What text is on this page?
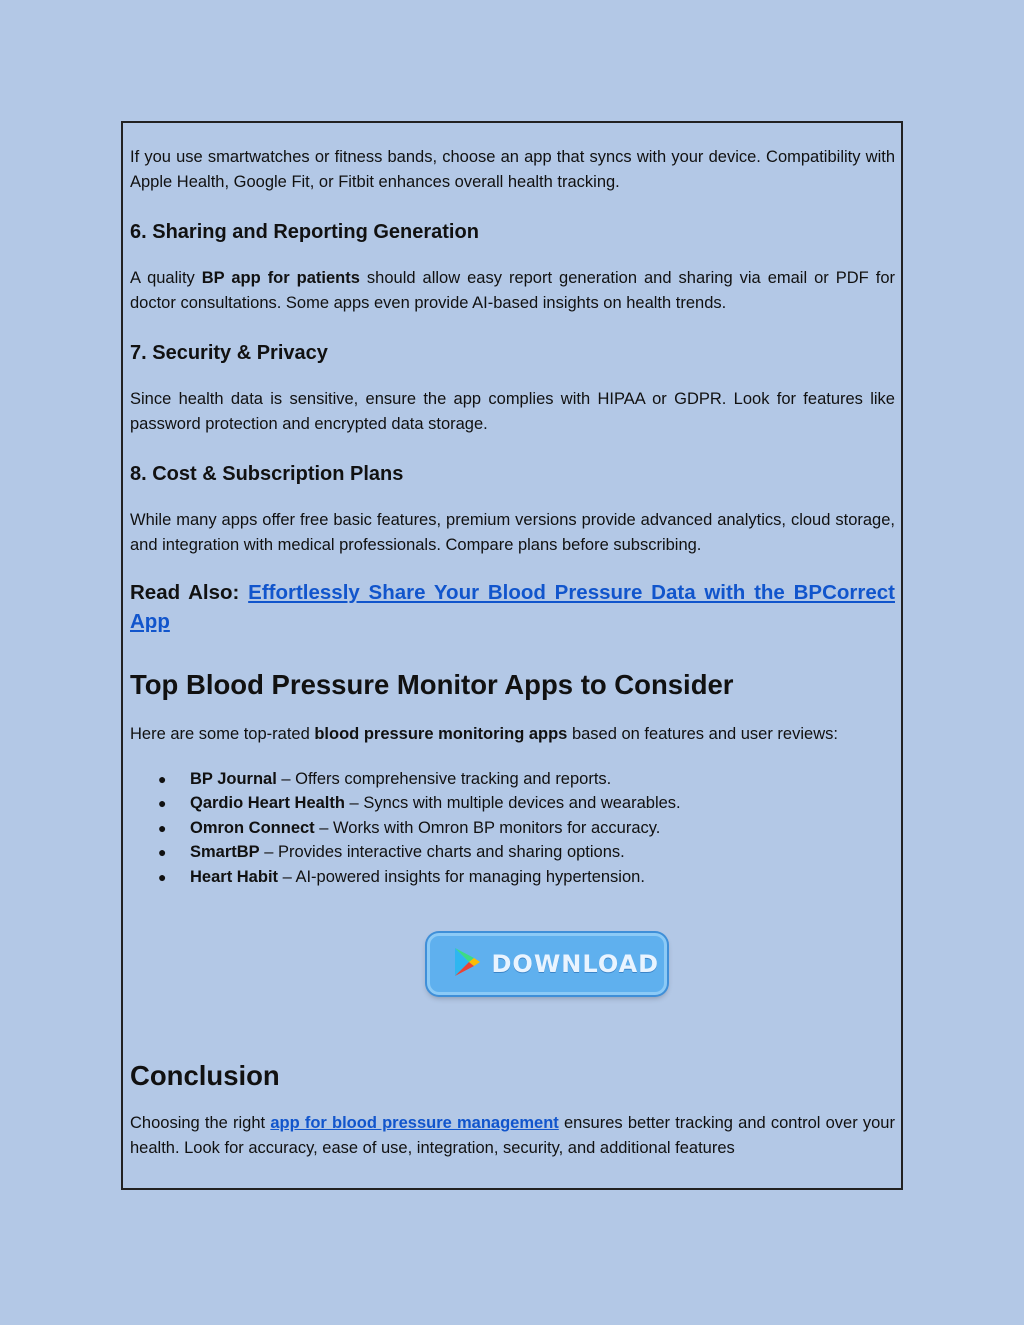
If you use smartwatches or fitness bands, choose an app that syncs with your device. Compatibility with Apple Health, Google Fit, or Fitbit enhances overall health tracking.

6. Sharing and Reporting Generation

A quality BP app for patients should allow easy report generation and sharing via email or PDF for doctor consultations. Some apps even provide AI-based insights on health trends.

7. Security & Privacy

Since health data is sensitive, ensure the app complies with HIPAA or GDPR. Look for features like password protection and encrypted data storage.

8. Cost & Subscription Plans

While many apps offer free basic features, premium versions provide advanced analytics, cloud storage, and integration with medical professionals. Compare plans before subscribing.

Read Also: Effortlessly Share Your Blood Pressure Data with the BPCorrect App
Top Blood Pressure Monitor Apps to Consider

Here are some top-rated blood pressure monitoring apps based on features and user reviews:

● BP Journal – Offers comprehensive tracking and reports.
● Qardio Heart Health – Syncs with multiple devices and wearables.
● Omron Connect – Works with Omron BP monitors for accuracy.
● SmartBP – Provides interactive charts and sharing options.
● Heart Habit – AI-powered insights for managing hypertension.
DOWNLOAD
Conclusion

Choosing the right app for blood pressure management ensures better tracking and control over your health. Look for accuracy, ease of use, integration, security, and additional features
